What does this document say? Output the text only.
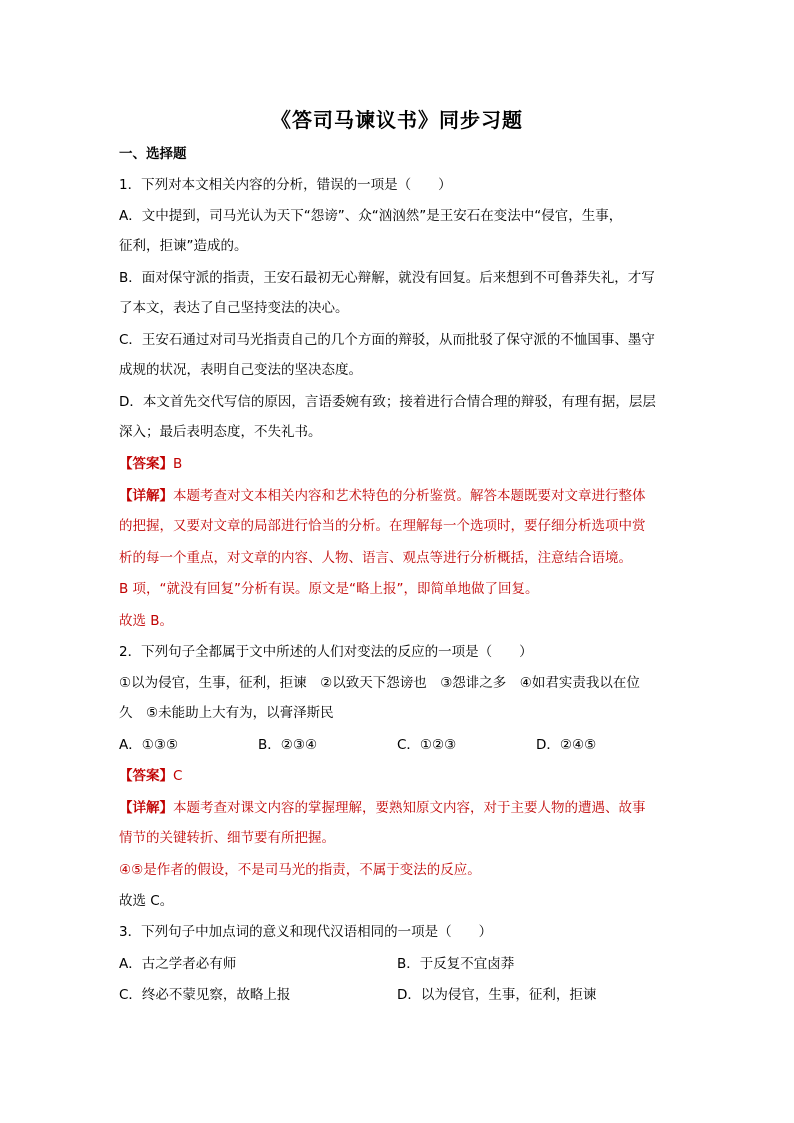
《答司马谏议书》同步习题
一、选择题
1．下列对本文相关内容的分析，错误的一项是（　　）
A．文中提到，司马光认为天下“怨谤”、众“汹汹然”是王安石在变法中“侵官，生事，
征利，拒谏”造成的。
B．面对保守派的指责，王安石最初无心辩解，就没有回复。后来想到不可鲁莽失礼，才写
了本文，表达了自己坚持变法的决心。
C．王安石通过对司马光指责自己的几个方面的辩驳，从而批驳了保守派的不恤国事、墨守
成规的状况，表明自己变法的坚决态度。
D．本文首先交代写信的原因，言语委婉有致；接着进行合情合理的辩驳，有理有据，层层
深入；最后表明态度，不失礼书。
【答案】B
【详解】本题考查对文本相关内容和艺术特色的分析鉴赏。解答本题既要对文章进行整体
的把握，又要对文章的局部进行恰当的分析。在理解每一个选项时，要仔细分析选项中赏
析的每一个重点，对文章的内容、人物、语言、观点等进行分析概括，注意结合语境。
B 项，“就没有回复”分析有误。原文是“略上报”，即简单地做了回复。
故选 B。
2．下列句子全都属于文中所述的人们对变法的反应的一项是（　　）
①以为侵官，生事，征利，拒谏　②以致天下怨谤也　③怨诽之多　④如君实责我以在位
久　⑤未能助上大有为，以膏泽斯民
A．①③⑤	B．②③④	C．①②③	D．②④⑤
【答案】C
【详解】本题考查对课文内容的掌握理解，要熟知原文内容，对于主要人物的遭遇、故事
情节的关键转折、细节要有所把握。
④⑤是作者的假设，不是司马光的指责，不属于变法的反应。
故选 C。
3．下列句子中加点词的意义和现代汉语相同的一项是（　　）
A．古之学者必有师	B．于反复不宜卤莽
C．终必不蒙见察，故略上报	D．以为侵官，生事，征利，拒谏
